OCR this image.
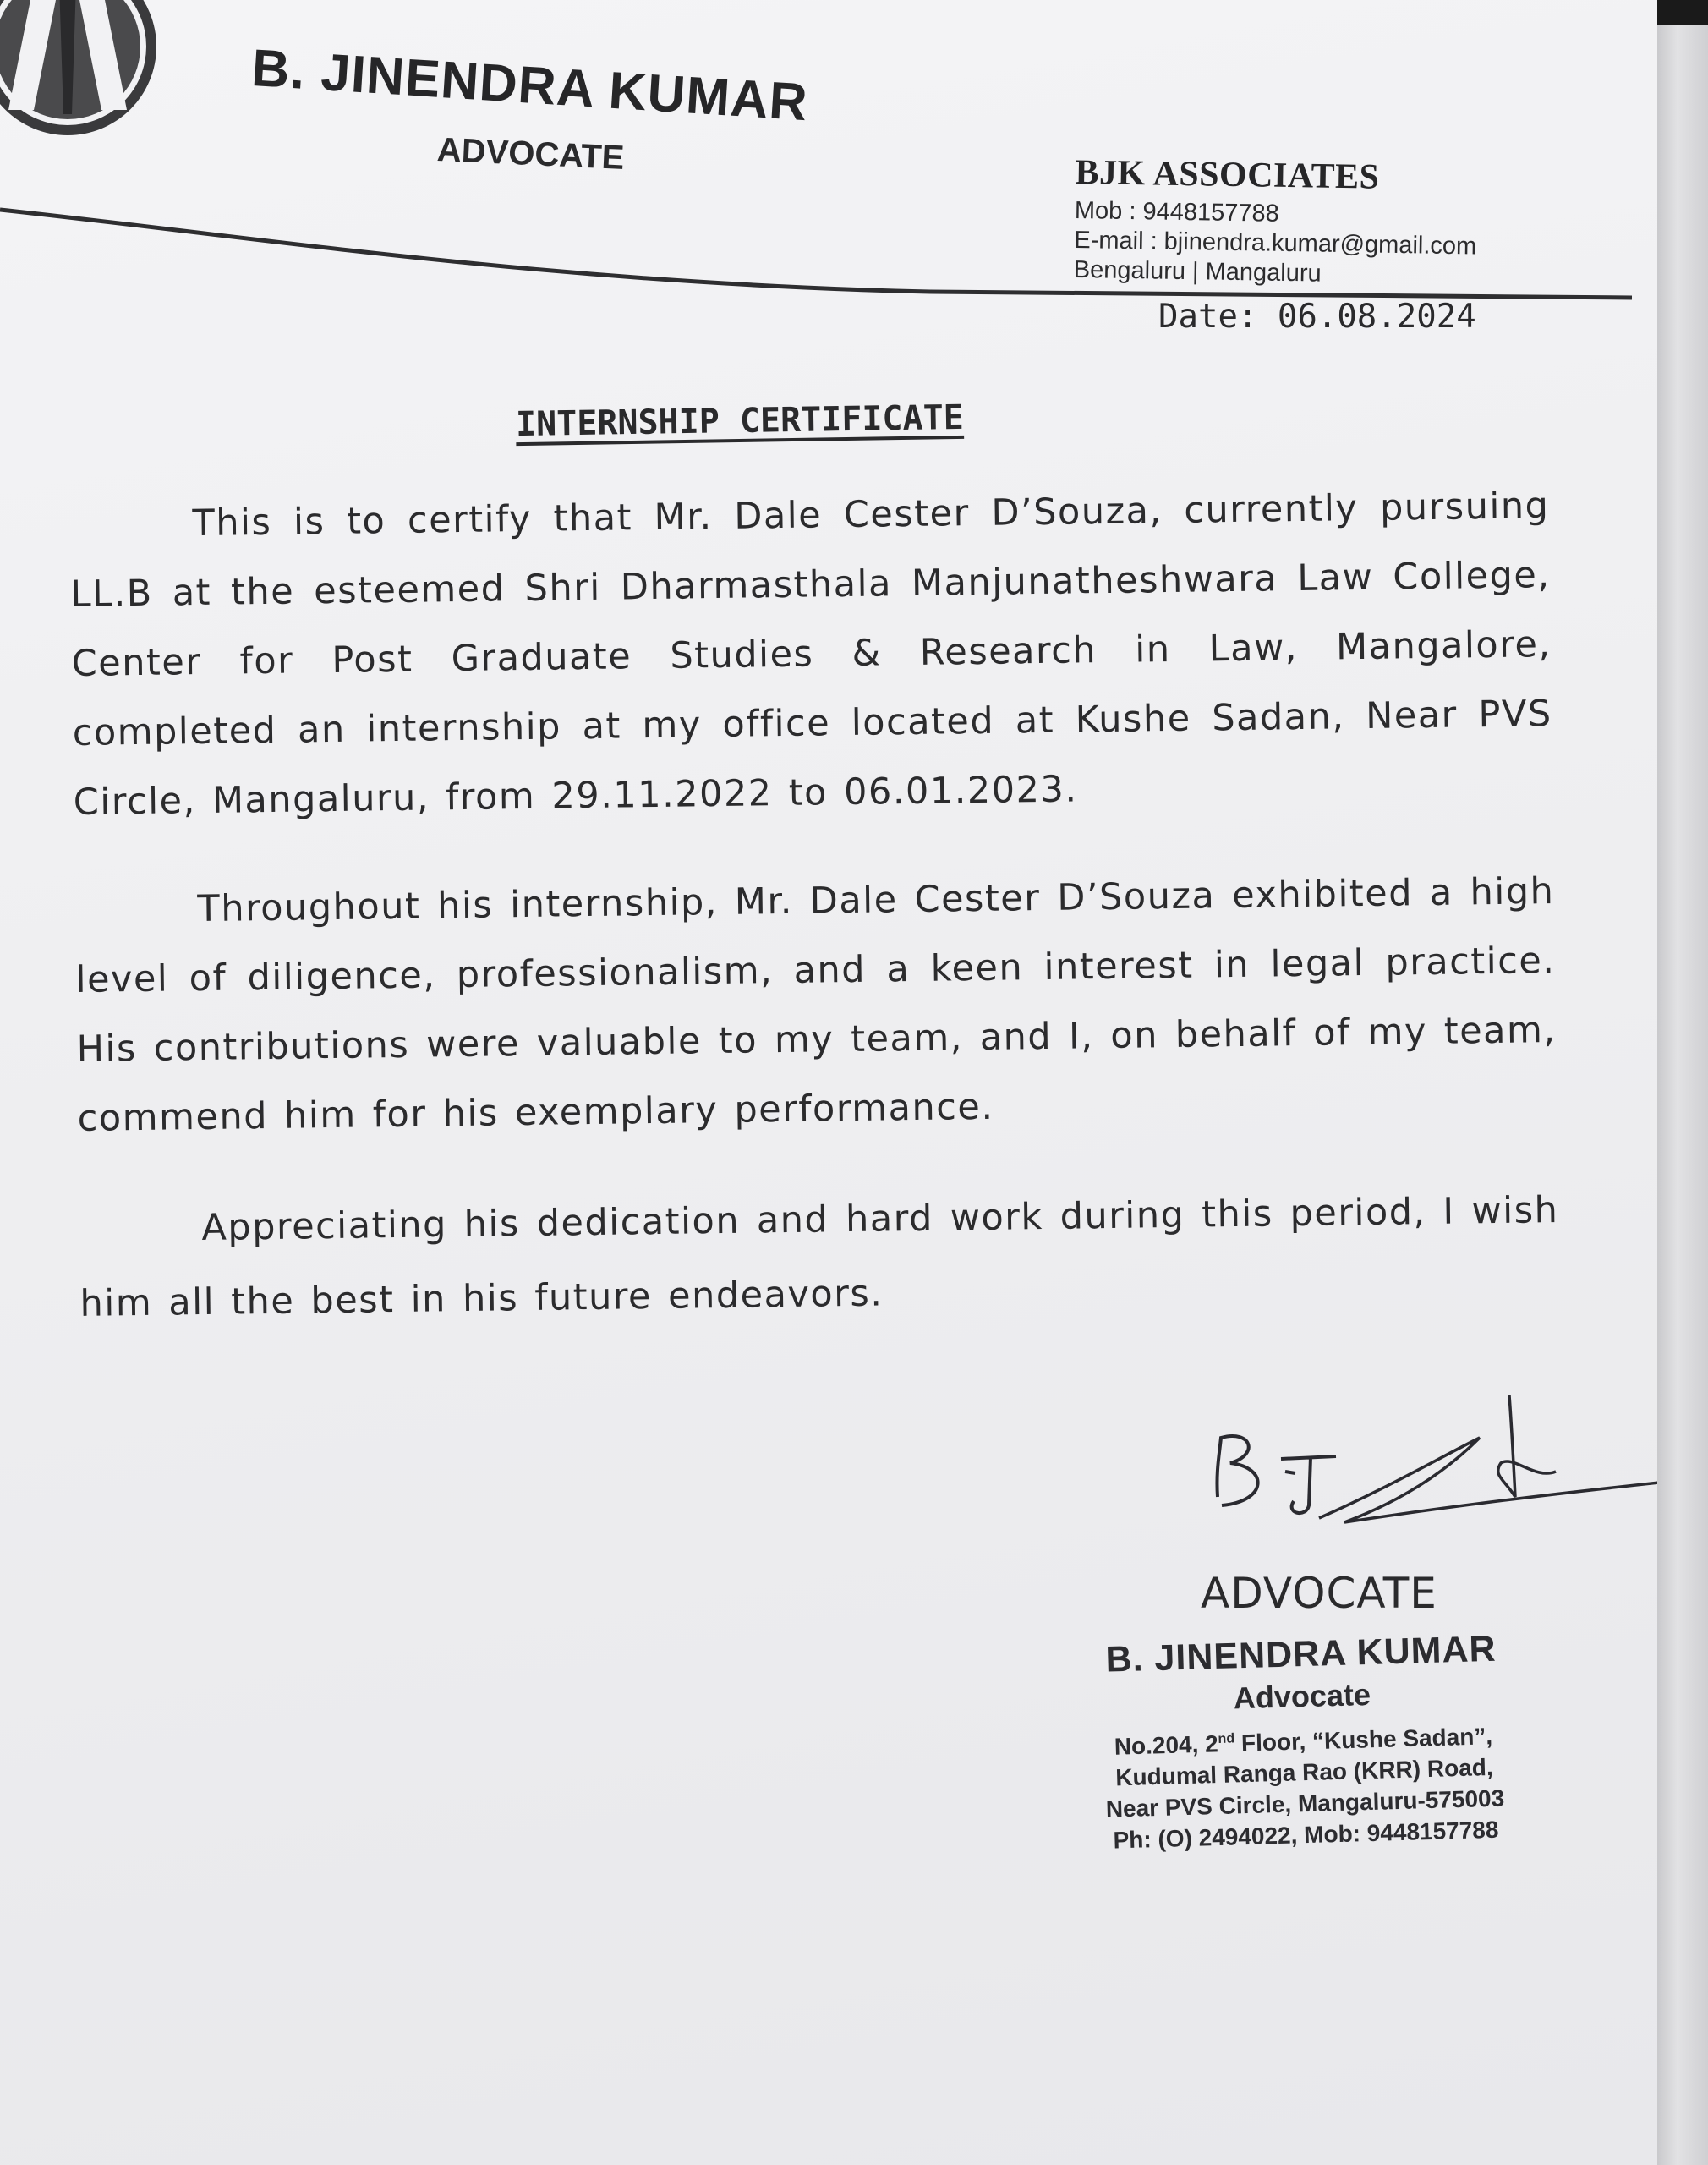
B. JINENDRA KUMAR
ADVOCATE	BJK ASSOCIATES
Mob : 9448157788
E-mail : bjinendra.kumar@gmail.com
Bengaluru | Mangaluru
Date: 06.08.2024
INTERNSHIP CERTIFICATE

This is to certify that Mr. Dale Cester D’Souza, currently pursuing LL.B at the esteemed Shri Dharmasthala Manjunatheshwara Law College, Center for Post Graduate Studies & Research in Law, Mangalore, completed an internship at my office located at Kushe Sadan, Near PVS Circle, Mangaluru, from 29.11.2022 to 06.01.2023.

Throughout his internship, Mr. Dale Cester D’Souza exhibited a high level of diligence, professionalism, and a keen interest in legal practice. His contributions were valuable to my team, and I, on behalf of my team, commend him for his exemplary performance.

Appreciating his dedication and hard work during this period, I wish him all the best in his future endeavors.

ADVOCATE
B. JINENDRA KUMAR
Advocate
No.204, 2nd Floor, “Kushe Sadan”,
Kudumal Ranga Rao (KRR) Road,
Near PVS Circle, Mangaluru-575003
Ph: (O) 2494022, Mob: 9448157788
